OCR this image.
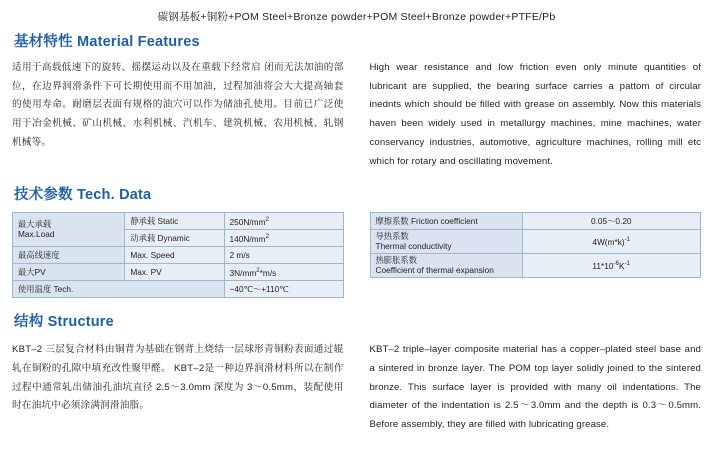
碳钢基板+铜粉+POM Steel+Bronze powder+POM Steel+Bronze powder+PTFE/Pb
基材特性 Material Features
适用于高载低速下的旋转、摇摆运动以及在重载下经常启 闭而无法加油的部位，在边界润滑条件下可长期使用而不用加油，过程加油将会大大提高轴套的使用寿命。耐磨层表面有规格的油穴可以作为储油孔使用。目前已广泛使用于冶金机械、矿山机械、水利机械、汽机车、建筑机械、农用机械、轧钢机械等。
High wear resistance and low friction even only minute quantities of lubricant are supplied, the bearing surface carries a pattom of circular inednts which should be filled with grease on assembly. Now this materials haven been widely used in metallurgy machines, mine machines, water conservancy industries, automotive, agriculture machines, rolling mill etc which for rotary and oscillating movement.
技术参数 Tech. Data
最大承载
Max.Load	静承载 Static	$250N/mm^2$
	动承载 Dynamic	$140N/mm^2$
最高线速度	Max. Speed	2 m/s
最大PV	Max. PV	$3N/mm^2*m/s$
使用温度 Tech.		−40℃～+110℃
摩擦系数 Friction coefficient	0.05～0.20

导热系数
Thermal conductivity	$4W(m*k)^{-1}$

热膨胀系数
Coefficient of thermal expansion	$11*10^{-6}K^{-1}$
结构 Structure
KBT–2 三层复合材料由铜背为基础在钢背上烧结一层球形青铜粉表面通过辊轧在铜粉的孔隙中填充改性聚甲醛。 KBT–2是一种边界润滑材料所以在制作过程中通常轧出储油孔油坑直径 2.5～3.0mm 深度为 3～0.5mm，装配使用时在油坑中必须涂满润滑油脂。
KBT–2 triple–layer composite material has a copper–plated steel base and a sintered in bronze layer. The POM top layer solidly joined to the sintered bronze. This surface layer is provided with many oil indentations. The diameter of the indentation is 2.5～3.0mm and the depth is 0.3～0.5mm. Before assembly, they are filled with lubricating grease.
